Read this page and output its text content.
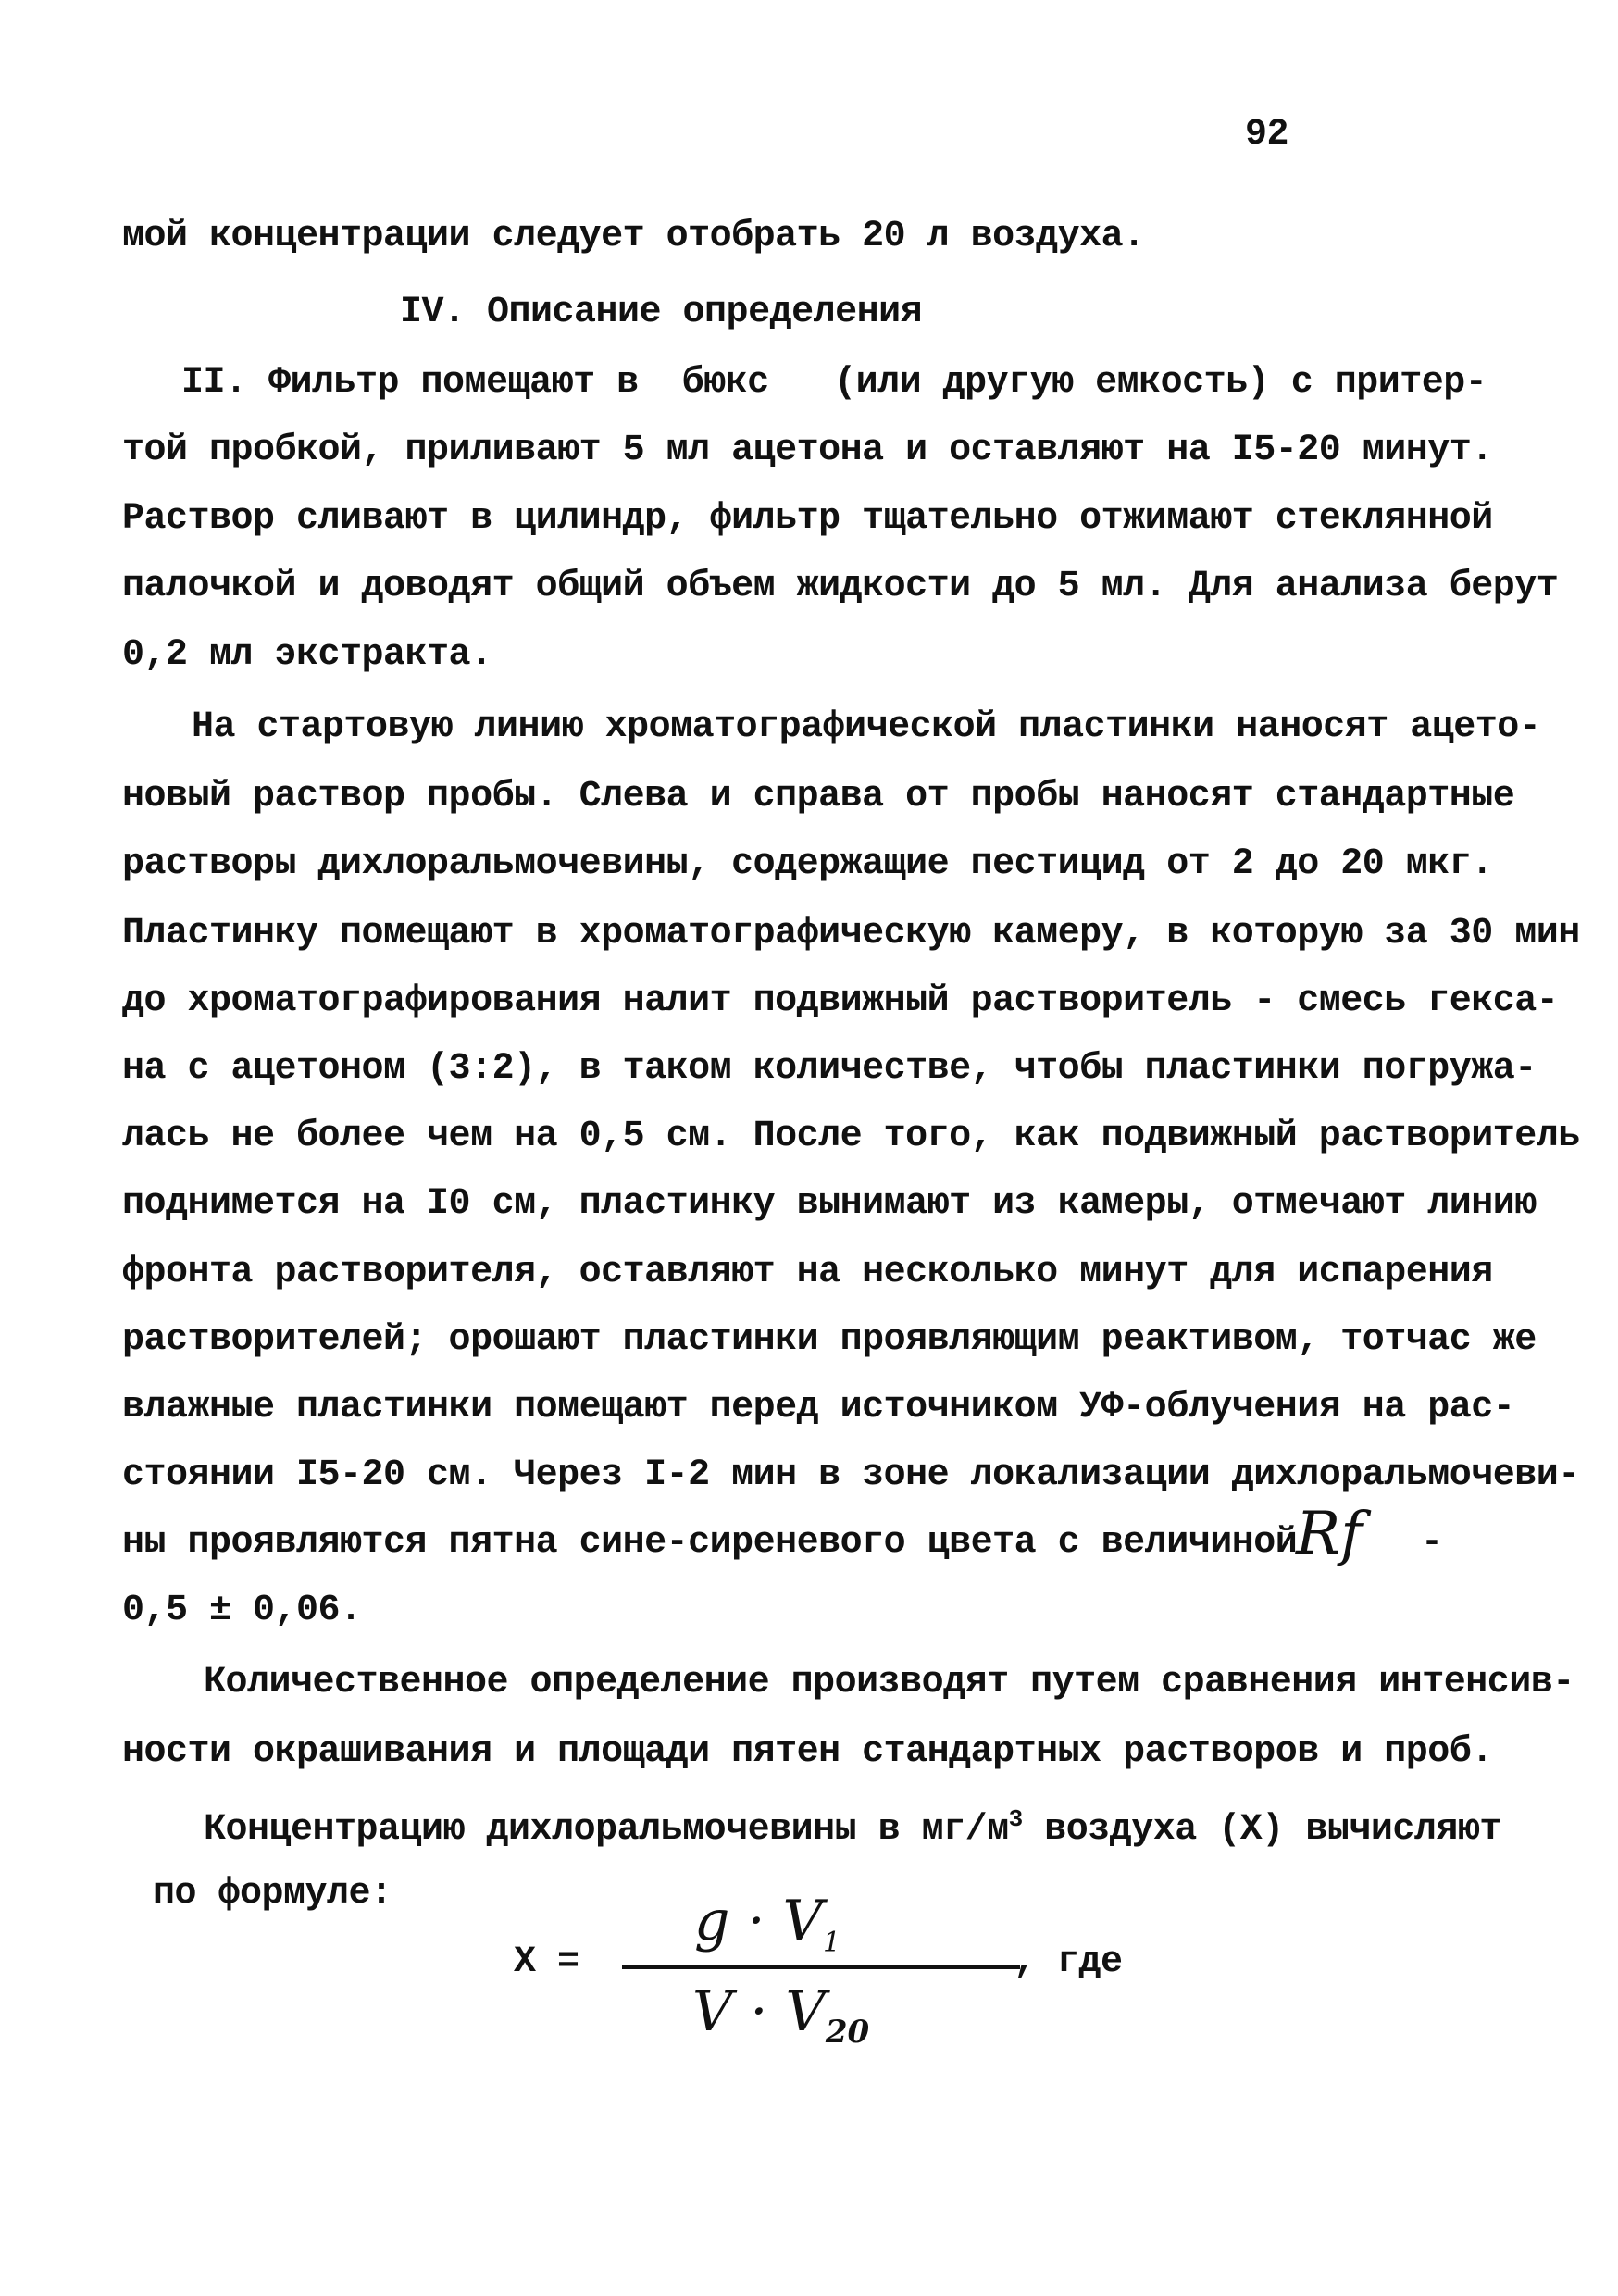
92
мой концентрации следует отобрать 20 л воздуха.
IV. Описание определения
II. Фильтр помещают в  бюкс   (или другую емкость) с притер-
той пробкой, приливают 5 мл ацетона и оставляют на I5-20 минут.
Раствор сливают в цилиндр, фильтр тщательно отжимают стеклянной
палочкой и доводят общий объем жидкости до 5 мл. Для анализа берут
0,2 мл экстракта.
На стартовую линию хроматографической пластинки наносят ацето-
новый раствор пробы. Слева и справа от пробы наносят стандартные
растворы дихлоральмочевины, содержащие пестицид от 2 до 20 мкг.
Пластинку помещают в хроматографическую камеру, в которую за 30 мин
до хроматографирования налит подвижный растворитель - смесь гекса-
на с ацетоном (3:2), в таком количестве, чтобы пластинки погружа-
лась не более чем на 0,5 см. После того, как подвижный растворитель
поднимется на I0 см, пластинку вынимают из камеры, отмечают линию
фронта растворителя, оставляют на несколько минут для испарения
растворителей; орошают пластинки проявляющим реактивом, тотчас же
влажные пластинки помещают перед источником УФ-облучения на рас-
стоянии I5-20 см. Через I-2 мин в зоне локализации дихлоральмочеви-
ны проявляются пятна сине-сиреневого цвета с величиной
Rf -
0,5 ± 0,06.
Количественное определение производят путем сравнения интенсив-
ности окрашивания и площади пятен стандартных растворов и проб.
Концентрацию дихлоральмочевины в $мг/м^3$ воздуха (X) вычисляют
по формуле:
X =
$g \cdot V_1$	, где
$V \cdot V_{20}$
